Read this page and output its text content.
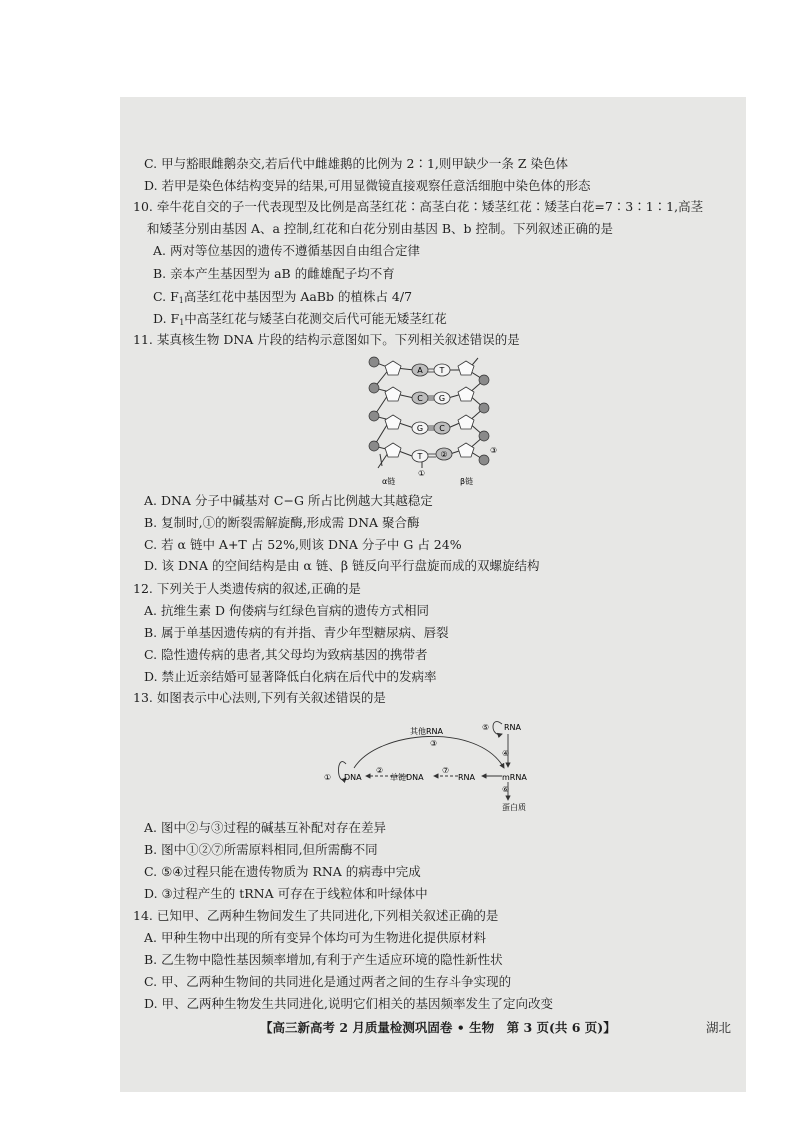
C. 甲与豁眼雌鹅杂交,若后代中雌雄鹅的比例为 2∶1,则甲缺少一条 Z 染色体
D. 若甲是染色体结构变异的结果,可用显微镜直接观察任意活细胞中染色体的形态
10. 牵牛花自交的子一代表现型及比例是高茎红花∶高茎白花∶矮茎红花∶矮茎白花=7∶3∶1∶1,高茎
和矮茎分别由基因 A、a 控制,红花和白花分别由基因 B、b 控制。下列叙述正确的是
A. 两对等位基因的遗传不遵循基因自由组合定律
B. 亲本产生基因型为 aB 的雌雄配子均不育
C. $F_1$高茎红花中基因型为 AaBb 的植株占 4/7
D. $F_1$中高茎红花与矮茎白花测交后代可能无矮茎红花
11. 某真核生物 DNA 片段的结构示意图如下。下列相关叙述错误的是
A
C
G
T
T
G
C
②
①
③
α链	β链
A. DNA 分子中碱基对 C−G 所占比例越大其越稳定
B. 复制时,①的断裂需解旋酶,形成需 DNA 聚合酶
C. 若 α 链中 A+T 占 52%,则该 DNA 分子中 G 占 24%
D. 该 DNA 的空间结构是由 α 链、β 链反向平行盘旋而成的双螺旋结构
12. 下列关于人类遗传病的叙述,正确的是
A. 抗维生素 D 佝偻病与红绿色盲病的遗传方式相同
B. 属于单基因遗传病的有并指、青少年型糖尿病、唇裂
C. 隐性遗传病的患者,其父母均为致病基因的携带者
D. 禁止近亲结婚可显著降低白化病在后代中的发病率
13. 如图表示中心法则,下列有关叙述错误的是
其他RNA	RNA
DNA	单链DNA	RNA	mRNA
蛋白质
①
②
③
④
⑤
⑥
⑦
A. 图中②与③过程的碱基互补配对存在差异
B. 图中①②⑦所需原料相同,但所需酶不同
C. ⑤④过程只能在遗传物质为 RNA 的病毒中完成
D. ③过程产生的 tRNA 可存在于线粒体和叶绿体中
14. 已知甲、乙两种生物间发生了共同进化,下列相关叙述正确的是
A. 甲种生物中出现的所有变异个体均可为生物进化提供原材料
B. 乙生物中隐性基因频率增加,有利于产生适应环境的隐性新性状
C. 甲、乙两种生物间的共同进化是通过两者之间的生存斗争实现的
D. 甲、乙两种生物发生共同进化,说明它们相关的基因频率发生了定向改变
【高三新高考 2 月质量检测巩固卷 • 生物　第 3 页(共 6 页)】	湖北
